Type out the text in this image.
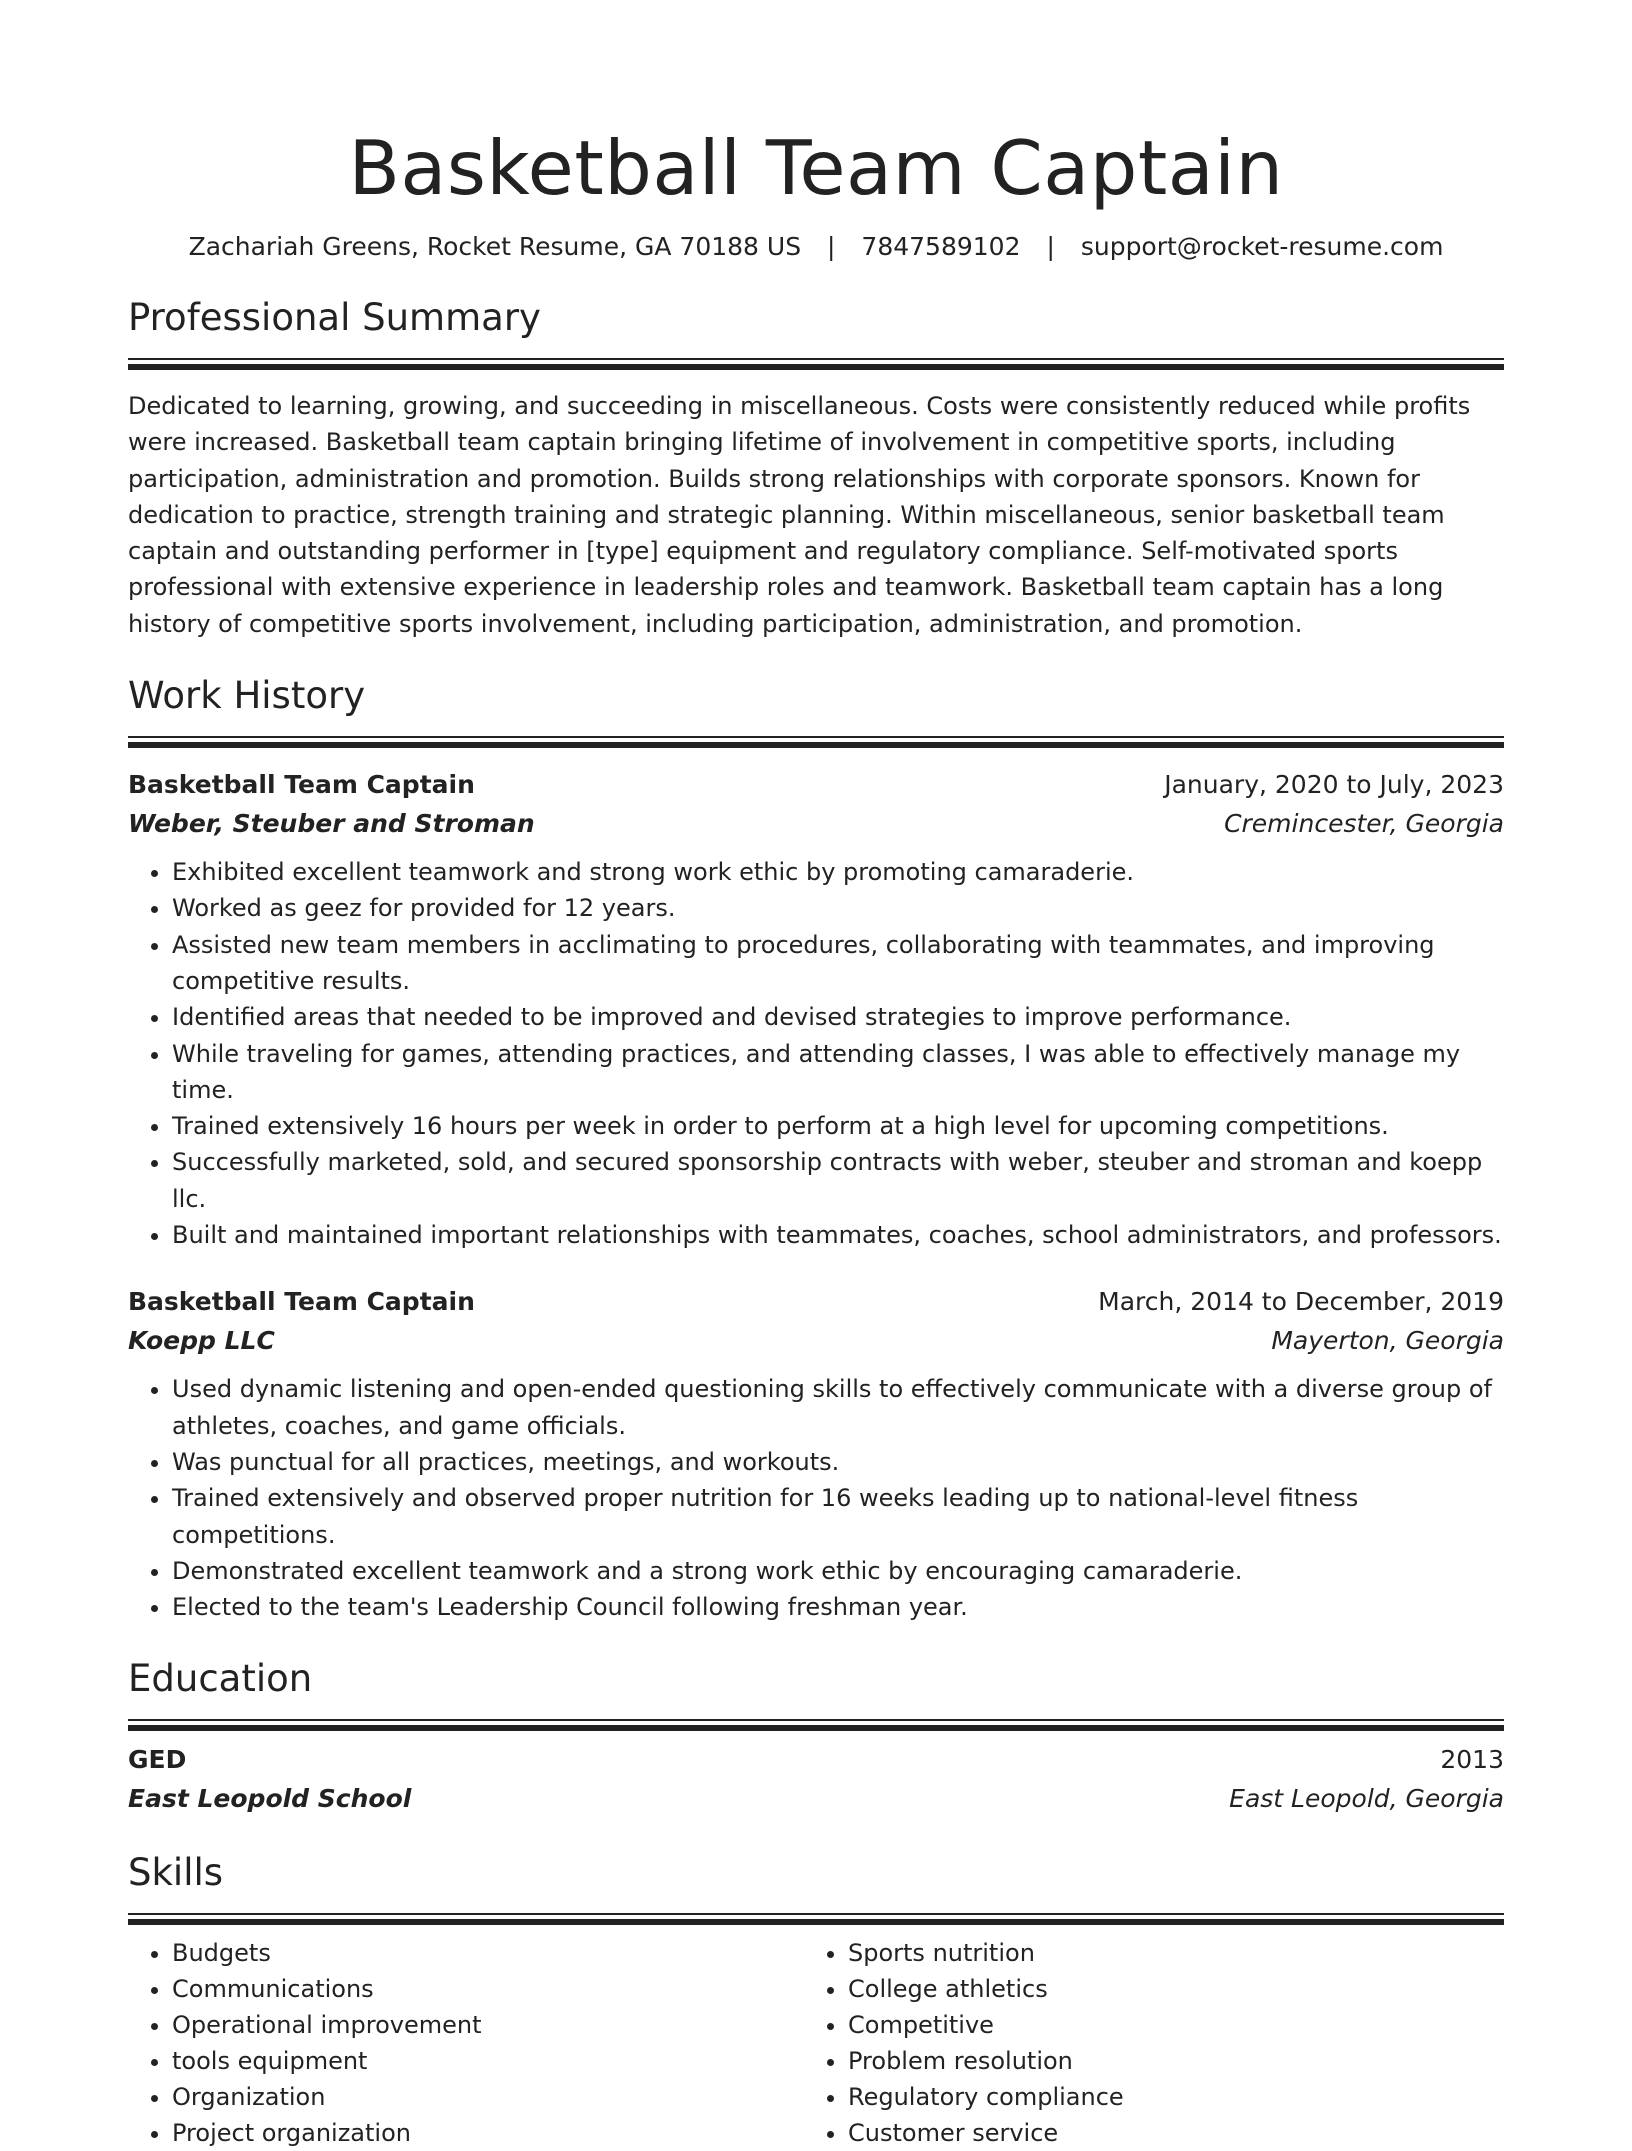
Basketball Team Captain
Zachariah Greens, Rocket Resume, GA 70188 US | 7847589102 | support@rocket-resume.com
Professional Summary
Dedicated to learning, growing, and succeeding in miscellaneous. Costs were consistently reduced while profits were increased. Basketball team captain bringing lifetime of involvement in competitive sports, including participation, administration and promotion. Builds strong relationships with corporate sponsors. Known for dedication to practice, strength training and strategic planning. Within miscellaneous, senior basketball team captain and outstanding performer in [type] equipment and regulatory compliance. Self-motivated sports professional with extensive experience in leadership roles and teamwork. Basketball team captain has a long history of competitive sports involvement, including participation, administration, and promotion.
Work History
Basketball Team Captain	January, 2020 to July, 2023
Weber, Steuber and Stroman	Cremincester, Georgia
• Exhibited excellent teamwork and strong work ethic by promoting camaraderie.
• Worked as geez for provided for 12 years.
• Assisted new team members in acclimating to procedures, collaborating with teammates, and improving competitive results.
• Identified areas that needed to be improved and devised strategies to improve performance.
• While traveling for games, attending practices, and attending classes, I was able to effectively manage my time.
• Trained extensively 16 hours per week in order to perform at a high level for upcoming competitions.
• Successfully marketed, sold, and secured sponsorship contracts with weber, steuber and stroman and koepp llc.
• Built and maintained important relationships with teammates, coaches, school administrators, and professors.
Basketball Team Captain	March, 2014 to December, 2019
Koepp LLC	Mayerton, Georgia
• Used dynamic listening and open-ended questioning skills to effectively communicate with a diverse group of athletes, coaches, and game officials.
• Was punctual for all practices, meetings, and workouts.
• Trained extensively and observed proper nutrition for 16 weeks leading up to national-level fitness competitions.
• Demonstrated excellent teamwork and a strong work ethic by encouraging camaraderie.
• Elected to the team's Leadership Council following freshman year.
Education
GED	2013
East Leopold School	East Leopold, Georgia
Skills
• Budgets
• Communications
• Operational improvement
• tools equipment
• Organization
• Project organization
• Sports nutrition
• College athletics
• Competitive
• Problem resolution
• Regulatory compliance
• Customer service
